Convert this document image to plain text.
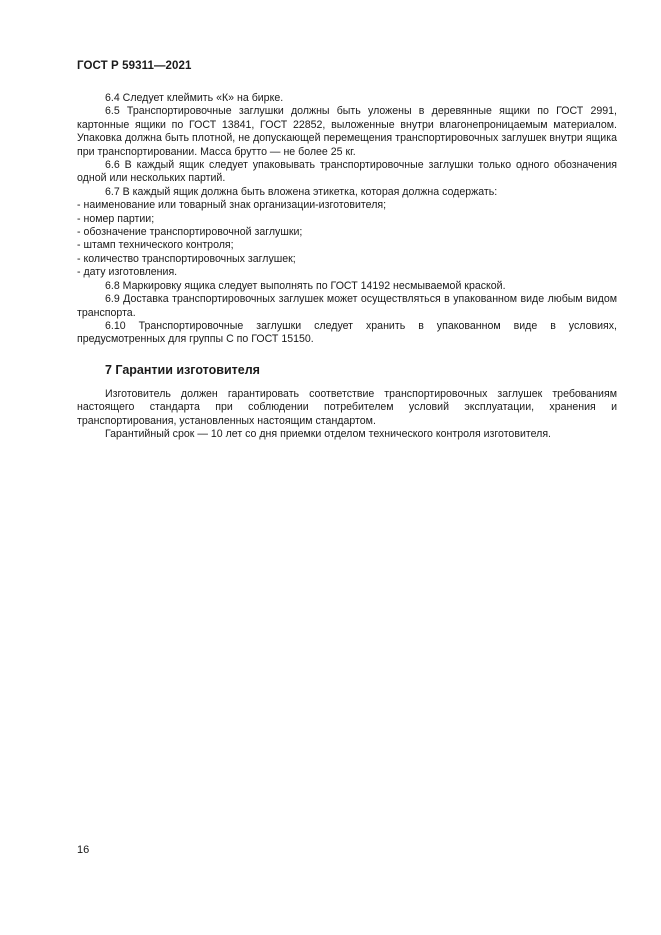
ГОСТ Р 59311—2021

6.4 Следует клеймить «К» на бирке.

6.5 Транспортировочные заглушки должны быть уложены в деревянные ящики по ГОСТ 2991, картонные ящики по ГОСТ 13841, ГОСТ 22852, выложенные внутри влагонепроницаемым материалом. Упаковка должна быть плотной, не допускающей перемещения транспортировочных заглушек внутри ящика при транспортировании. Масса брутто — не более 25 кг.

6.6 В каждый ящик следует упаковывать транспортировочные заглушки только одного обозначения одной или нескольких партий.

6.7 В каждый ящик должна быть вложена этикетка, которая должна содержать:

- наименование или товарный знак организации-изготовителя;

- номер партии;

- обозначение транспортировочной заглушки;

- штамп технического контроля;

- количество транспортировочных заглушек;

- дату изготовления.

6.8 Маркировку ящика следует выполнять по ГОСТ 14192 несмываемой краской.

6.9 Доставка транспортировочных заглушек может осуществляться в упакованном виде любым видом транспорта.

6.10 Транспортировочные заглушки следует хранить в упакованном виде в условиях, предусмотренных для группы С по ГОСТ 15150.

7 Гарантии изготовителя

Изготовитель должен гарантировать соответствие транспортировочных заглушек требованиям настоящего стандарта при соблюдении потребителем условий эксплуатации, хранения и транспортирования, установленных настоящим стандартом.

Гарантийный срок — 10 лет со дня приемки отделом технического контроля изготовителя.

16
